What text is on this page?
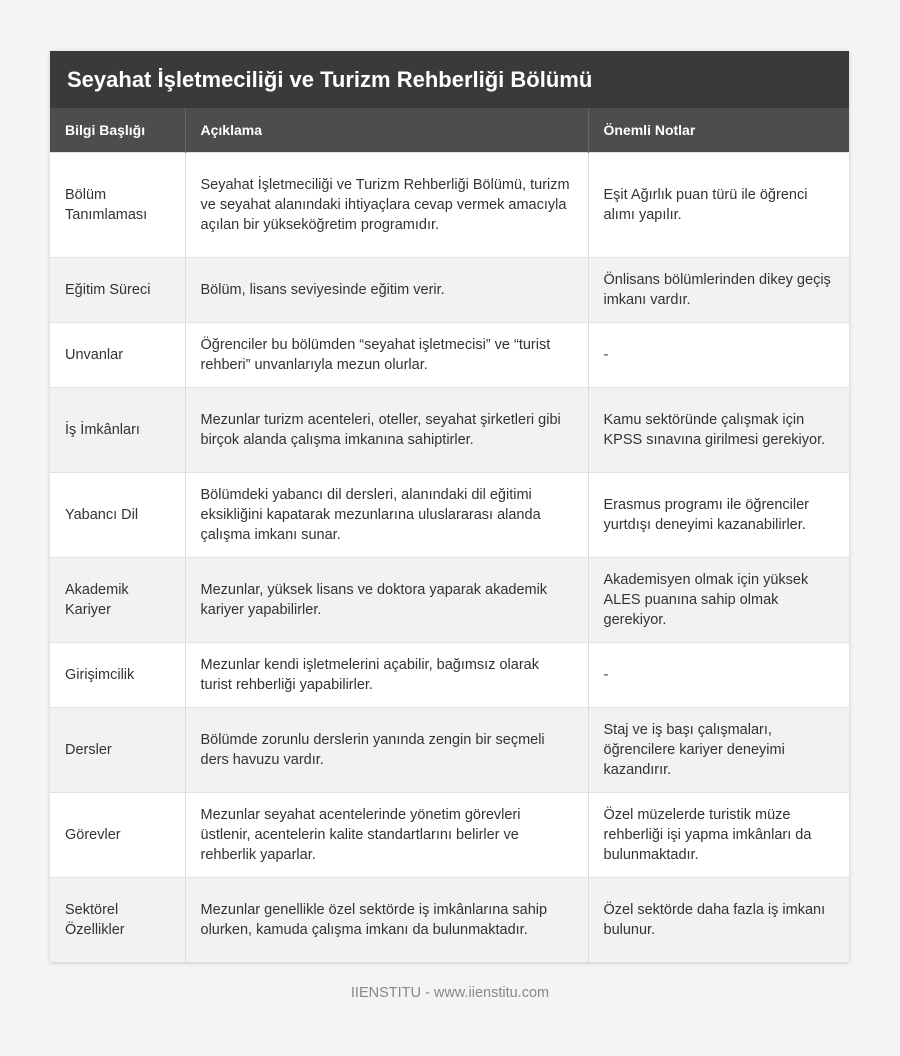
Seyahat İşletmeciliği ve Turizm Rehberliği Bölümü
Bilgi Başlığı	Açıklama	Önemli Notlar
Bölüm Tanımlaması	Seyahat İşletmeciliği ve Turizm Rehberliği Bölümü, turizm ve seyahat alanındaki ihtiyaçlara cevap vermek amacıyla açılan bir yükseköğretim programıdır.	Eşit Ağırlık puan türü ile öğrenci alımı yapılır.
Eğitim Süreci	Bölüm, lisans seviyesinde eğitim verir.	Önlisans bölümlerinden dikey geçiş imkanı vardır.
Unvanlar	Öğrenciler bu bölümden “seyahat işletmecisi” ve “turist rehberi” unvanlarıyla mezun olurlar.	-
İş İmkânları	Mezunlar turizm acenteleri, oteller, seyahat şirketleri gibi birçok alanda çalışma imkanına sahiptirler.	Kamu sektöründe çalışmak için KPSS sınavına girilmesi gerekiyor.
Yabancı Dil	Bölümdeki yabancı dil dersleri, alanındaki dil eğitimi eksikliğini kapatarak mezunlarına uluslararası alanda çalışma imkanı sunar.	Erasmus programı ile öğrenciler yurtdışı deneyimi kazanabilirler.
Akademik Kariyer	Mezunlar, yüksek lisans ve doktora yaparak akademik kariyer yapabilirler.	Akademisyen olmak için yüksek ALES puanına sahip olmak gerekiyor.
Girişimcilik	Mezunlar kendi işletmelerini açabilir, bağımsız olarak turist rehberliği yapabilirler.	-
Dersler	Bölümde zorunlu derslerin yanında zengin bir seçmeli ders havuzu vardır.	Staj ve iş başı çalışmaları, öğrencilere kariyer deneyimi kazandırır.
Görevler	Mezunlar seyahat acentelerinde yönetim görevleri üstlenir, acentelerin kalite standartlarını belirler ve rehberlik yaparlar.	Özel müzelerde turistik müze rehberliği işi yapma imkânları da bulunmaktadır.
Sektörel Özellikler	Mezunlar genellikle özel sektörde iş imkânlarına sahip olurken, kamuda çalışma imkanı da bulunmaktadır.	Özel sektörde daha fazla iş imkanı bulunur.
IIENSTITU - www.iienstitu.com
